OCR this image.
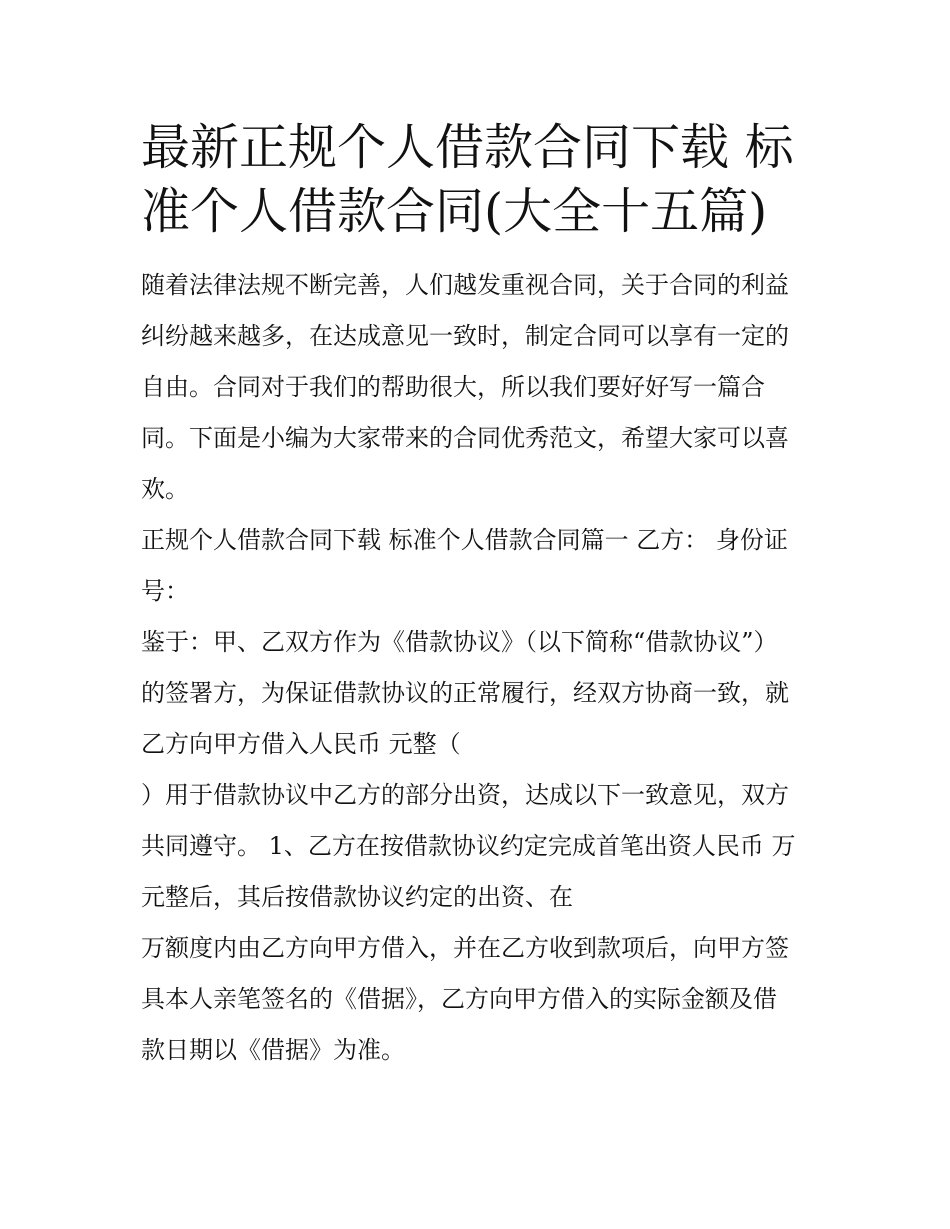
最新正规个人借款合同下载 标
准个人借款合同(大全十五篇)
随着法律法规不断完善，人们越发重视合同，关于合同的利益
纠纷越来越多，在达成意见一致时，制定合同可以享有一定的
自由。合同对于我们的帮助很大，所以我们要好好写一篇合
同。下面是小编为大家带来的合同优秀范文，希望大家可以喜
欢。
正规个人借款合同下载 标准个人借款合同篇一 乙方： 身份证
号：
鉴于：甲、乙双方作为《借款协议》（以下简称“借款协议”）
的签署方，为保证借款协议的正常履行，经双方协商一致，就
乙方向甲方借入人民币 元整（
）用于借款协议中乙方的部分出资，达成以下一致意见，双方
共同遵守。 1、乙方在按借款协议约定完成首笔出资人民币 万
元整后，其后按借款协议约定的出资、在
万额度内由乙方向甲方借入，并在乙方收到款项后，向甲方签
具本人亲笔签名的《借据》，乙方向甲方借入的实际金额及借
款日期以《借据》为准。
